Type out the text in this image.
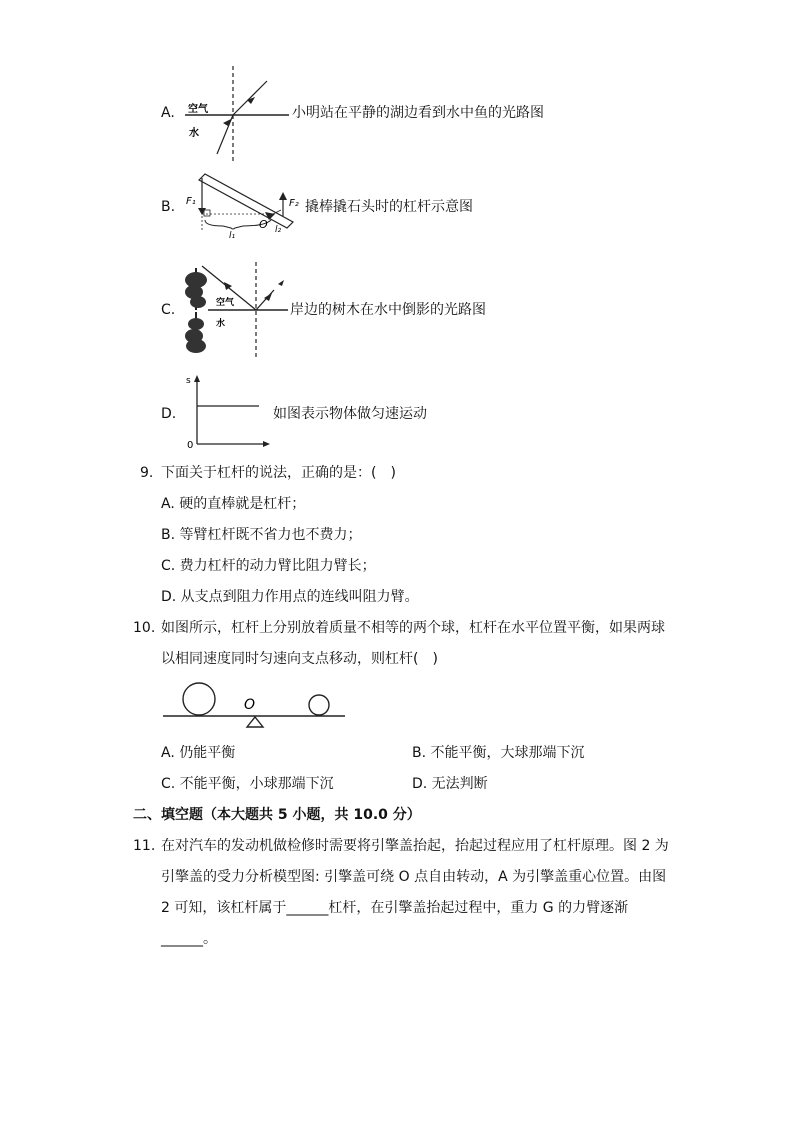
A. 空气
水
小明站在平静的湖边看到水中鱼的光路图
B. F₁	F₂
O l₂
l₁
撬棒撬石头时的杠杆示意图
C.	空气
水
岸边的树木在水中倒影的光路图
D.
s
0
如图表示物体做匀速运动
9. 下面关于杠杆的说法，正确的是：(　)
A. 硬的直棒就是杠杆；
B. 等臂杠杆既不省力也不费力；
C. 费力杠杆的动力臂比阻力臂长；
D. 从支点到阻力作用点的连线叫阻力臂。
10. 如图所示，杠杆上分别放着质量不相等的两个球，杠杆在水平位置平衡，如果两球
以相同速度同时匀速向支点移动，则杠杆(　)
O
A. 仍能平衡	B. 不能平衡，大球那端下沉
C. 不能平衡，小球那端下沉	D. 无法判断
二、填空题（本大题共 5 小题，共 10.0 分）
11. 在对汽车的发动机做检修时需要将引擎盖抬起，抬起过程应用了杠杆原理。图 2 为
引擎盖的受力分析模型图: 引擎盖可绕 O 点自由转动，A 为引擎盖重心位置。由图
2 可知，该杠杆属于______杠杆，在引擎盖抬起过程中，重力 G 的力臂逐渐
______。
